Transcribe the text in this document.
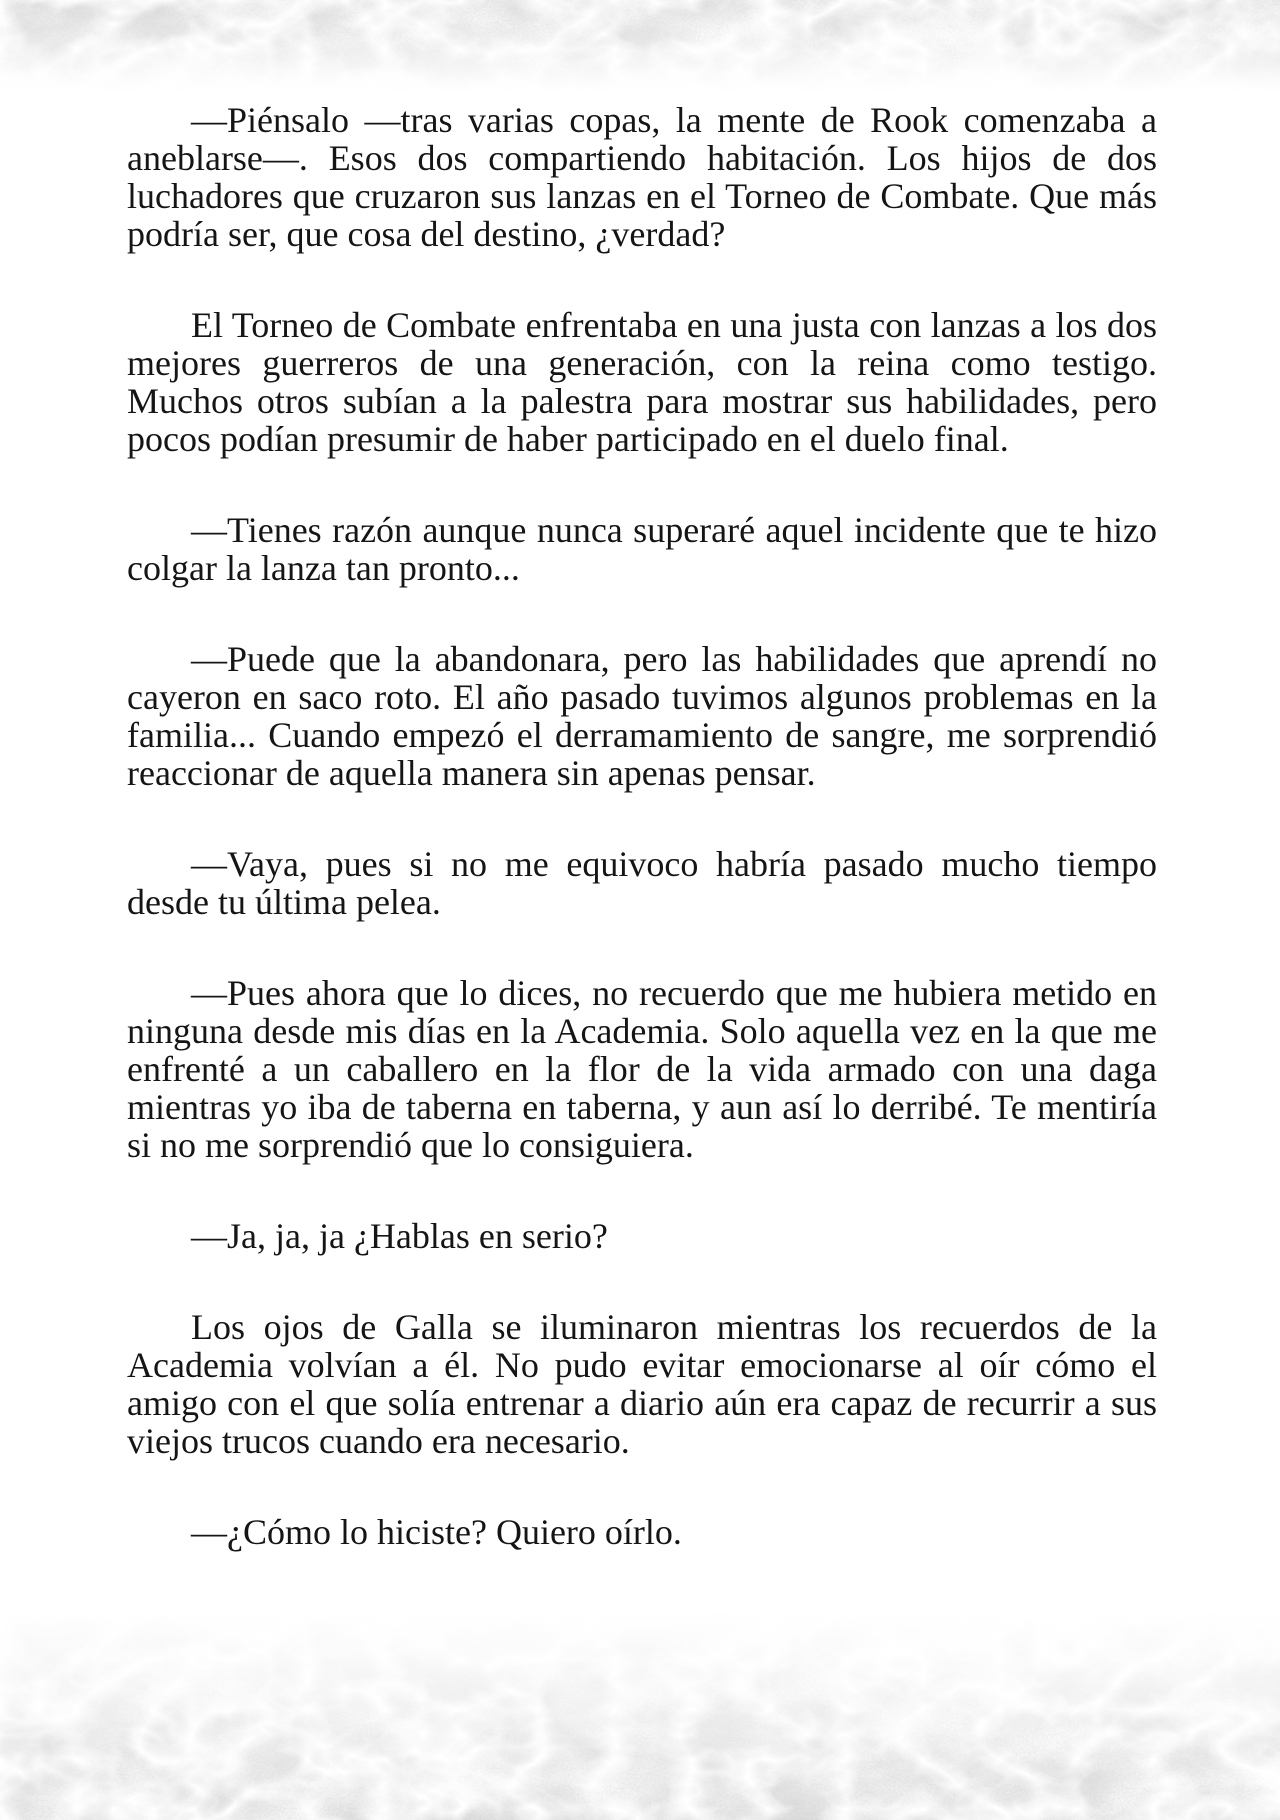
—Piénsalo —tras varias copas, la mente de Rook comenzaba a aneblarse—. Esos dos compartiendo habitación. Los hijos de dos luchadores que cruzaron sus lanzas en el Torneo de Combate. Que más podría ser, que cosa del destino, ¿verdad?

El Torneo de Combate enfrentaba en una justa con lanzas a los dos mejores guerreros de una generación, con la reina como testigo. Muchos otros subían a la palestra para mostrar sus habilidades, pero pocos podían presumir de haber participado en el duelo final.

—Tienes razón aunque nunca superaré aquel incidente que te hizo colgar la lanza tan pronto...

—Puede que la abandonara, pero las habilidades que aprendí no cayeron en saco roto. El año pasado tuvimos algunos problemas en la familia... Cuando empezó el derramamiento de sangre, me sorprendió reaccionar de aquella manera sin apenas pensar.

—Vaya, pues si no me equivoco habría pasado mucho tiempo desde tu última pelea.

—Pues ahora que lo dices, no recuerdo que me hubiera metido en ninguna desde mis días en la Academia. Solo aquella vez en la que me enfrenté a un caballero en la flor de la vida armado con una daga mientras yo iba de taberna en taberna, y aun así lo derribé. Te mentiría si no me sorprendió que lo consiguiera.

—Ja, ja, ja ¿Hablas en serio?

Los ojos de Galla se iluminaron mientras los recuerdos de la Academia volvían a él. No pudo evitar emocionarse al oír cómo el amigo con el que solía entrenar a diario aún era capaz de recurrir a sus viejos trucos cuando era necesario.

—¿Cómo lo hiciste? Quiero oírlo.
